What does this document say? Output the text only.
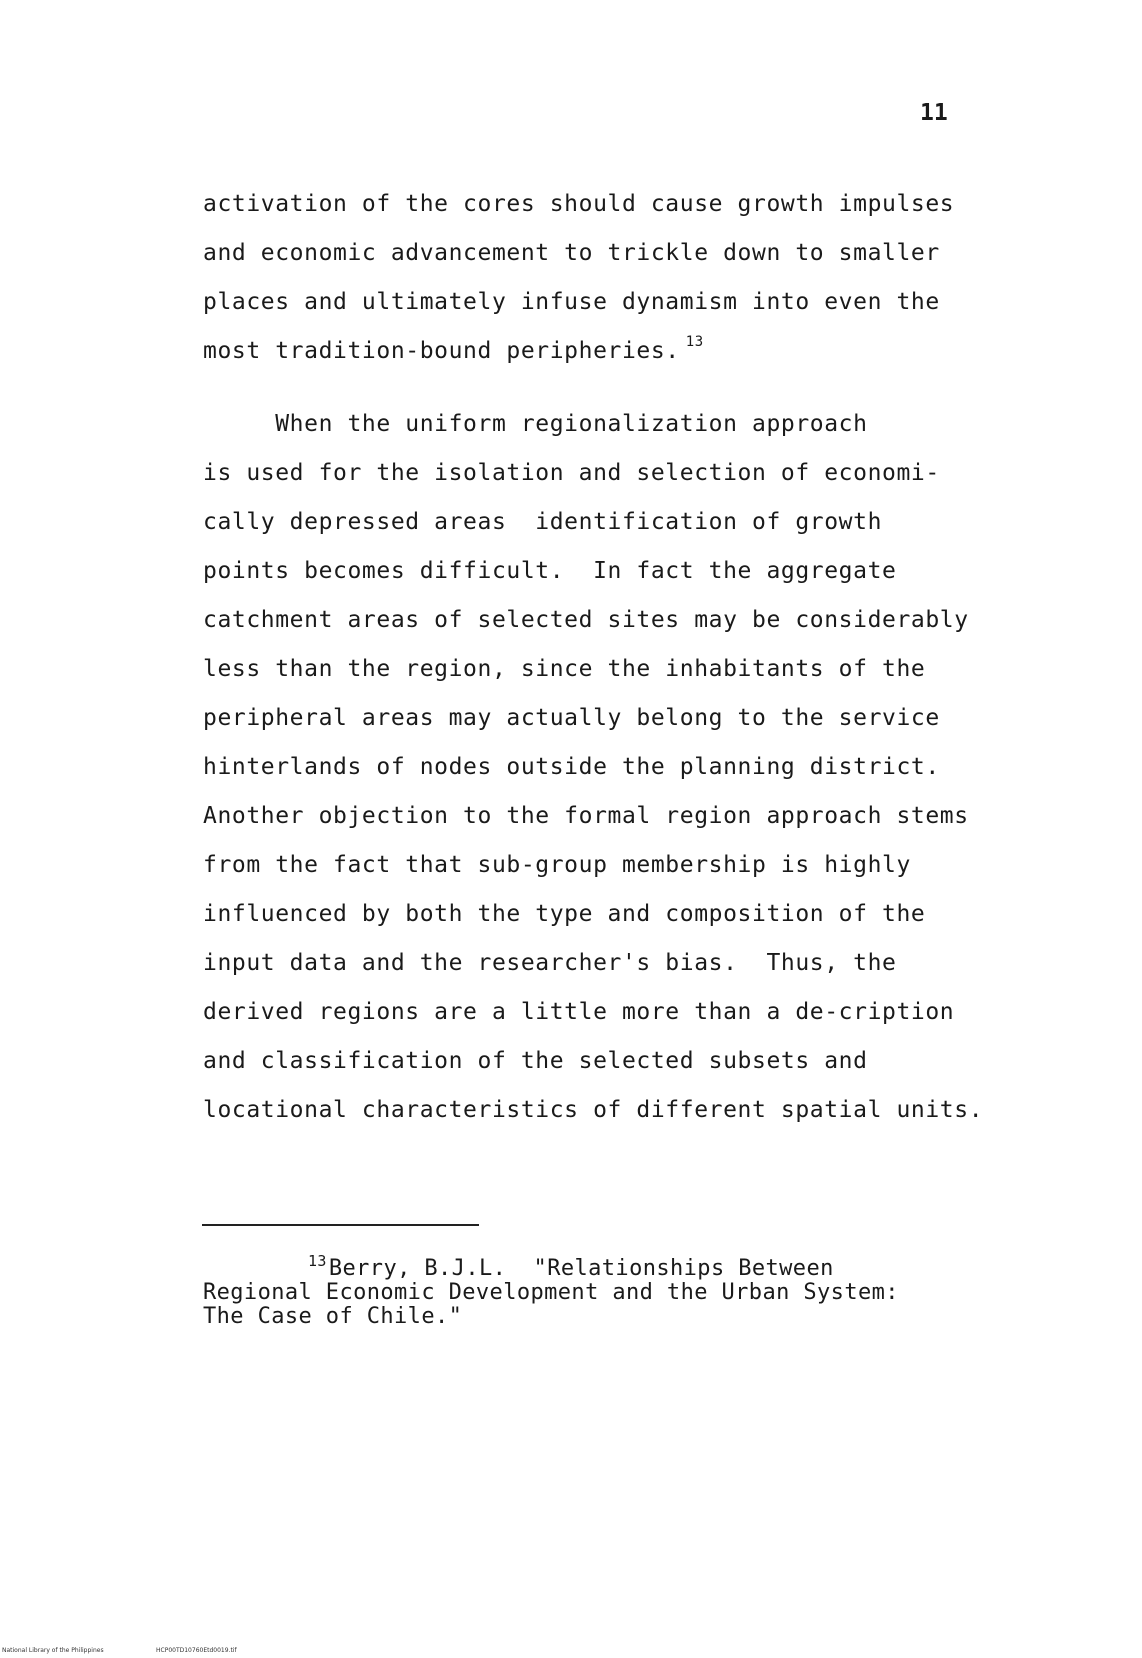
11
activation of the cores should cause growth impulses
and economic advancement to trickle down to smaller
places and ultimately infuse dynamism into even the
most tradition-bound peripheries. $^{13}$
When the uniform regionalization approach
is used for the isolation and selection of economi-
cally depressed areas  identification of growth
points becomes difficult.  In fact the aggregate
catchment areas of selected sites may be considerably
less than the region, since the inhabitants of the
peripheral areas may actually belong to the service
hinterlands of nodes outside the planning district.
Another objection to the formal region approach stems
from the fact that sub-group membership is highly
influenced by both the type and composition of the
input data and the researcher's bias.  Thus, the
derived regions are a little more than a de-cription
and classification of the selected subsets and
locational characteristics of different spatial units.
$^{13}$Berry, B.J.L.  "Relationships Between
Regional Economic Development and the Urban System:
The Case of Chile."
National Library of the Philippines	HCP00TD10760Etd0019.tif
